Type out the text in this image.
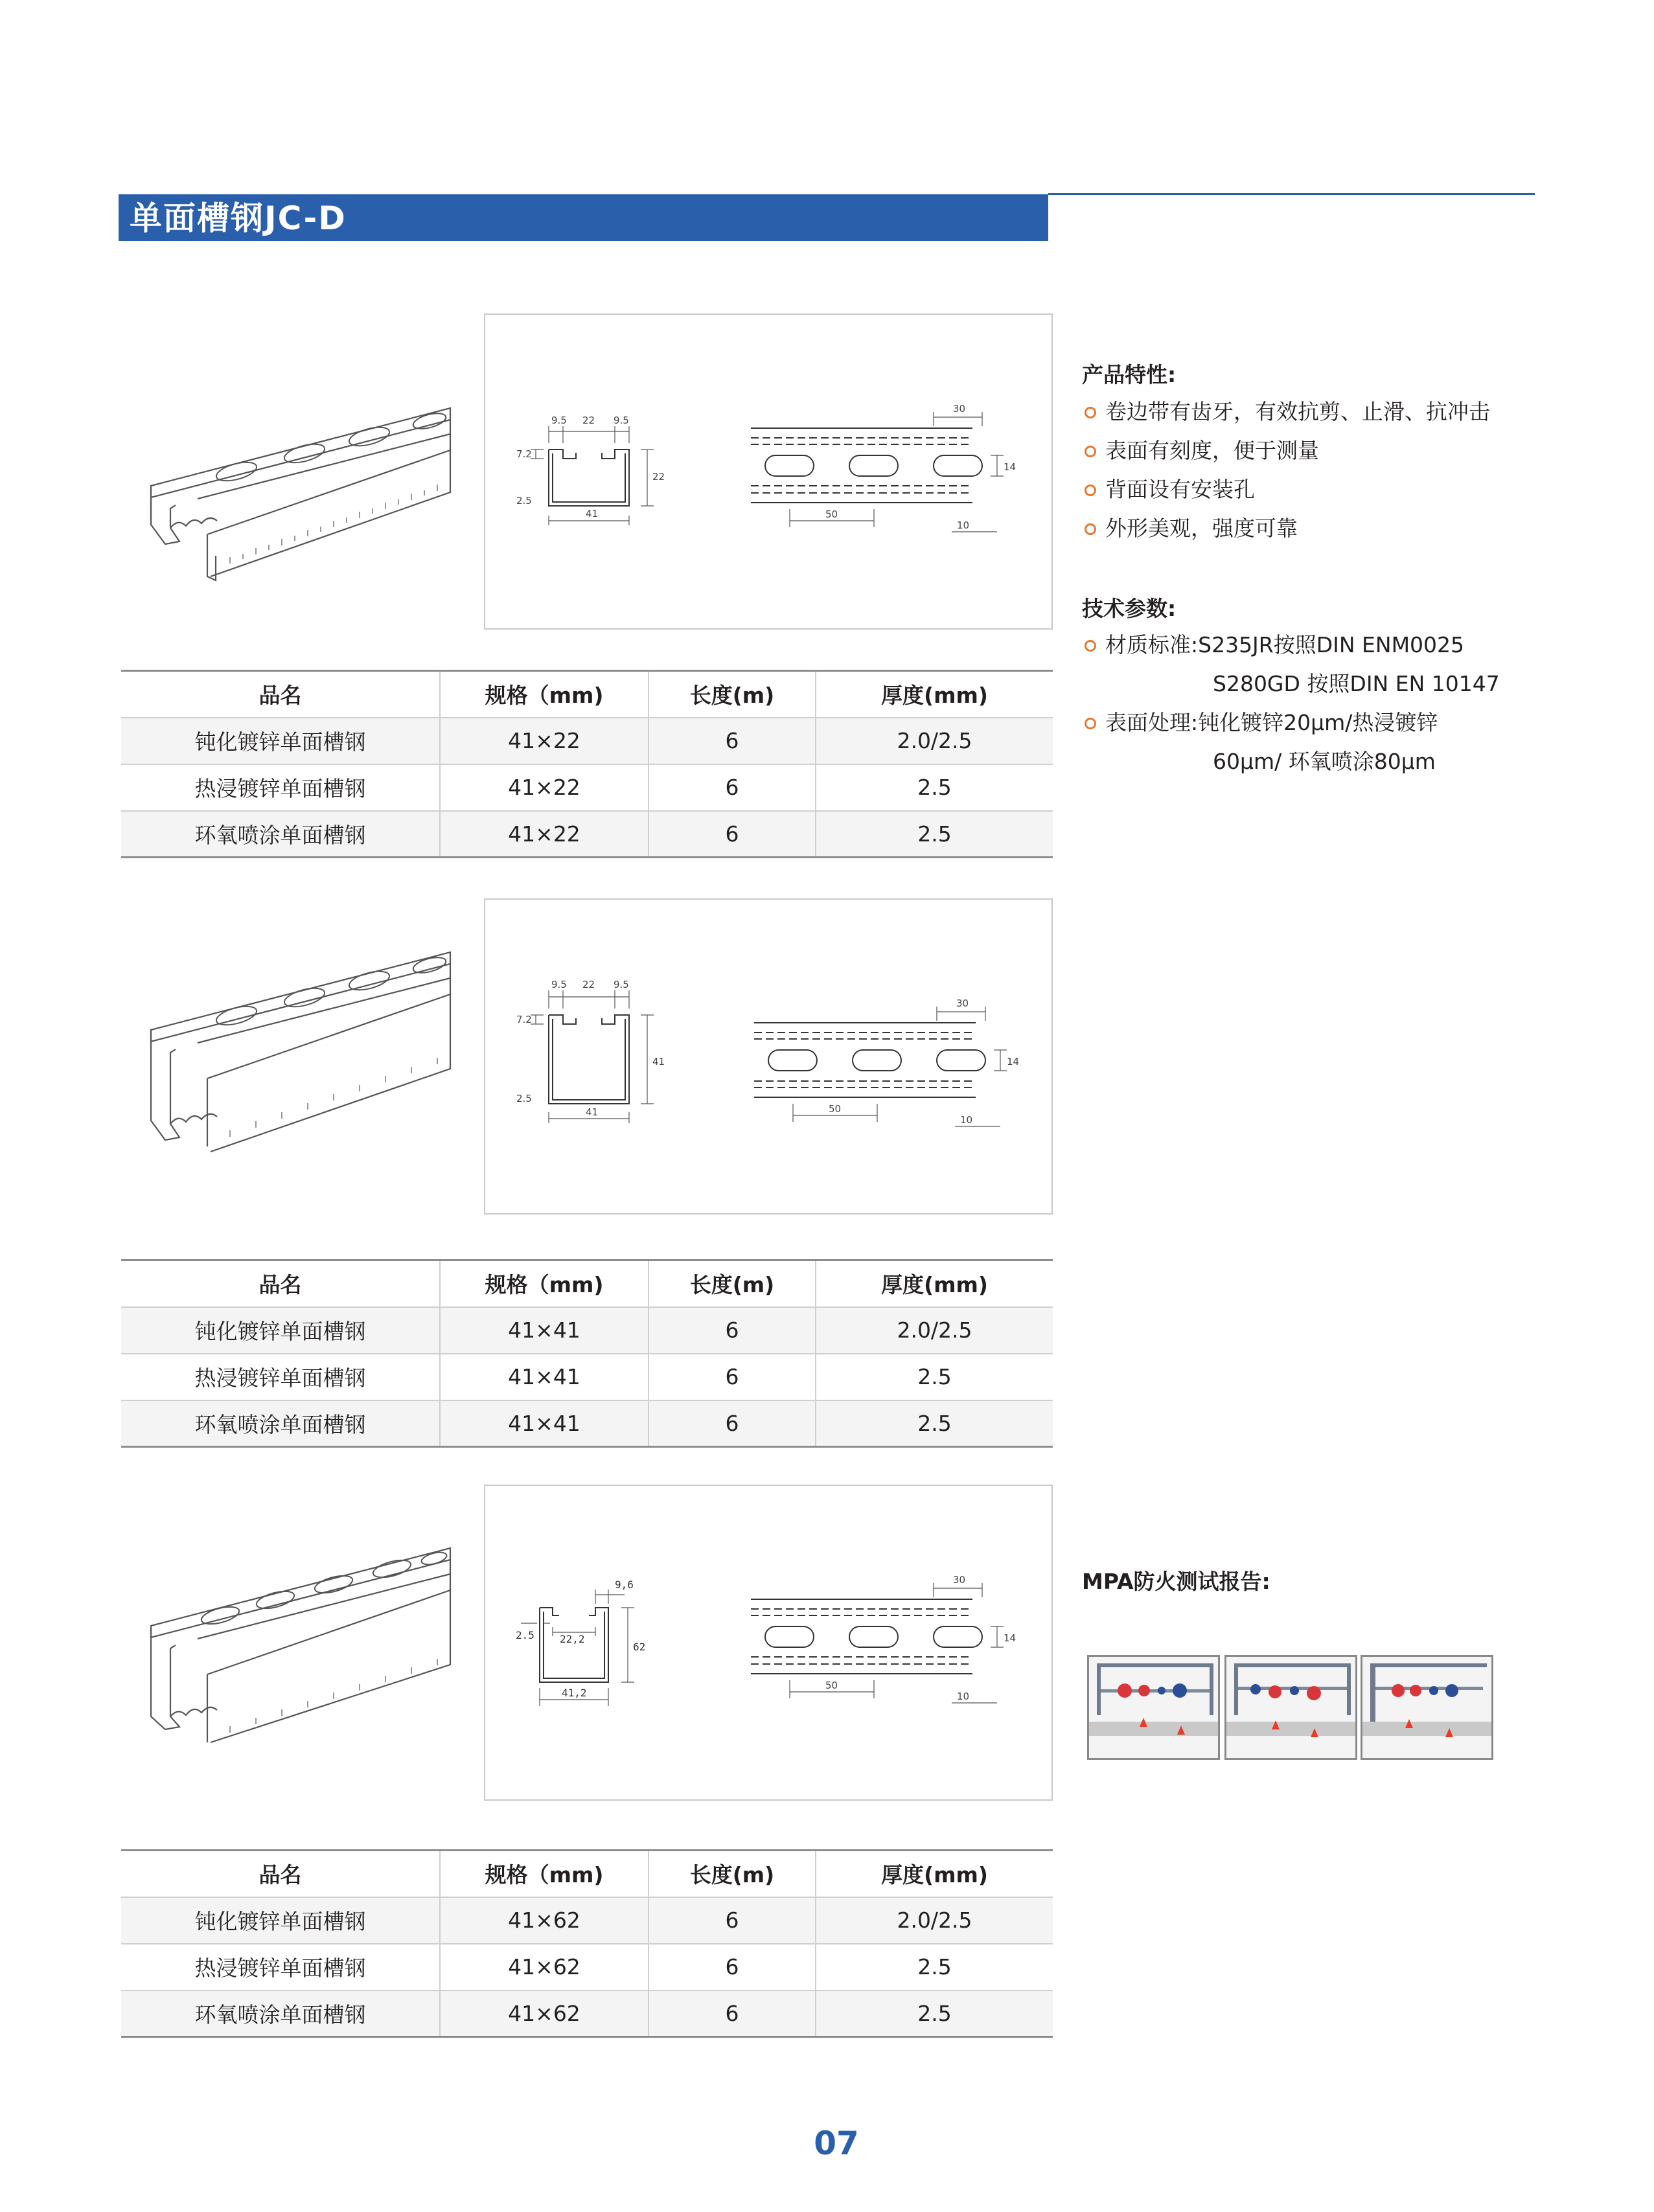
单面槽钢JC-D
9.5 22 9.5
7.2
22
2.5
41
30
14
50
10
品名	规格（mm)	长度(m)	厚度(mm)
钝化镀锌单面槽钢	41×22	6	2.0/2.5
热浸镀锌单面槽钢	41×22	6	2.5
环氧喷涂单面槽钢	41×22	6	2.5
9.5 22 9.5
7.2
41
2.5
41
30
14
50
10
品名	规格（mm)	长度(m)	厚度(mm)
钝化镀锌单面槽钢	41×41	6	2.0/2.5
热浸镀锌单面槽钢	41×41	6	2.5
环氧喷涂单面槽钢	41×41	6	2.5
9,6
22,2
62
2.5
41,2
30
14
50
10
品名	规格（mm)	长度(m)	厚度(mm)
钝化镀锌单面槽钢	41×62	6	2.0/2.5
热浸镀锌单面槽钢	41×62	6	2.5
环氧喷涂单面槽钢	41×62	6	2.5
产品特性:
卷边带有齿牙，有效抗剪、止滑、抗冲击
表面有刻度，便于测量
背面设有安装孔
外形美观，强度可靠
技术参数:
材质标准:S235JR按照DIN ENM0025
S280GD 按照DIN EN 10147
表面处理:钝化镀锌20μm/热浸镀锌
60μm/ 环氧喷涂80μm
MPA防火测试报告:
07
